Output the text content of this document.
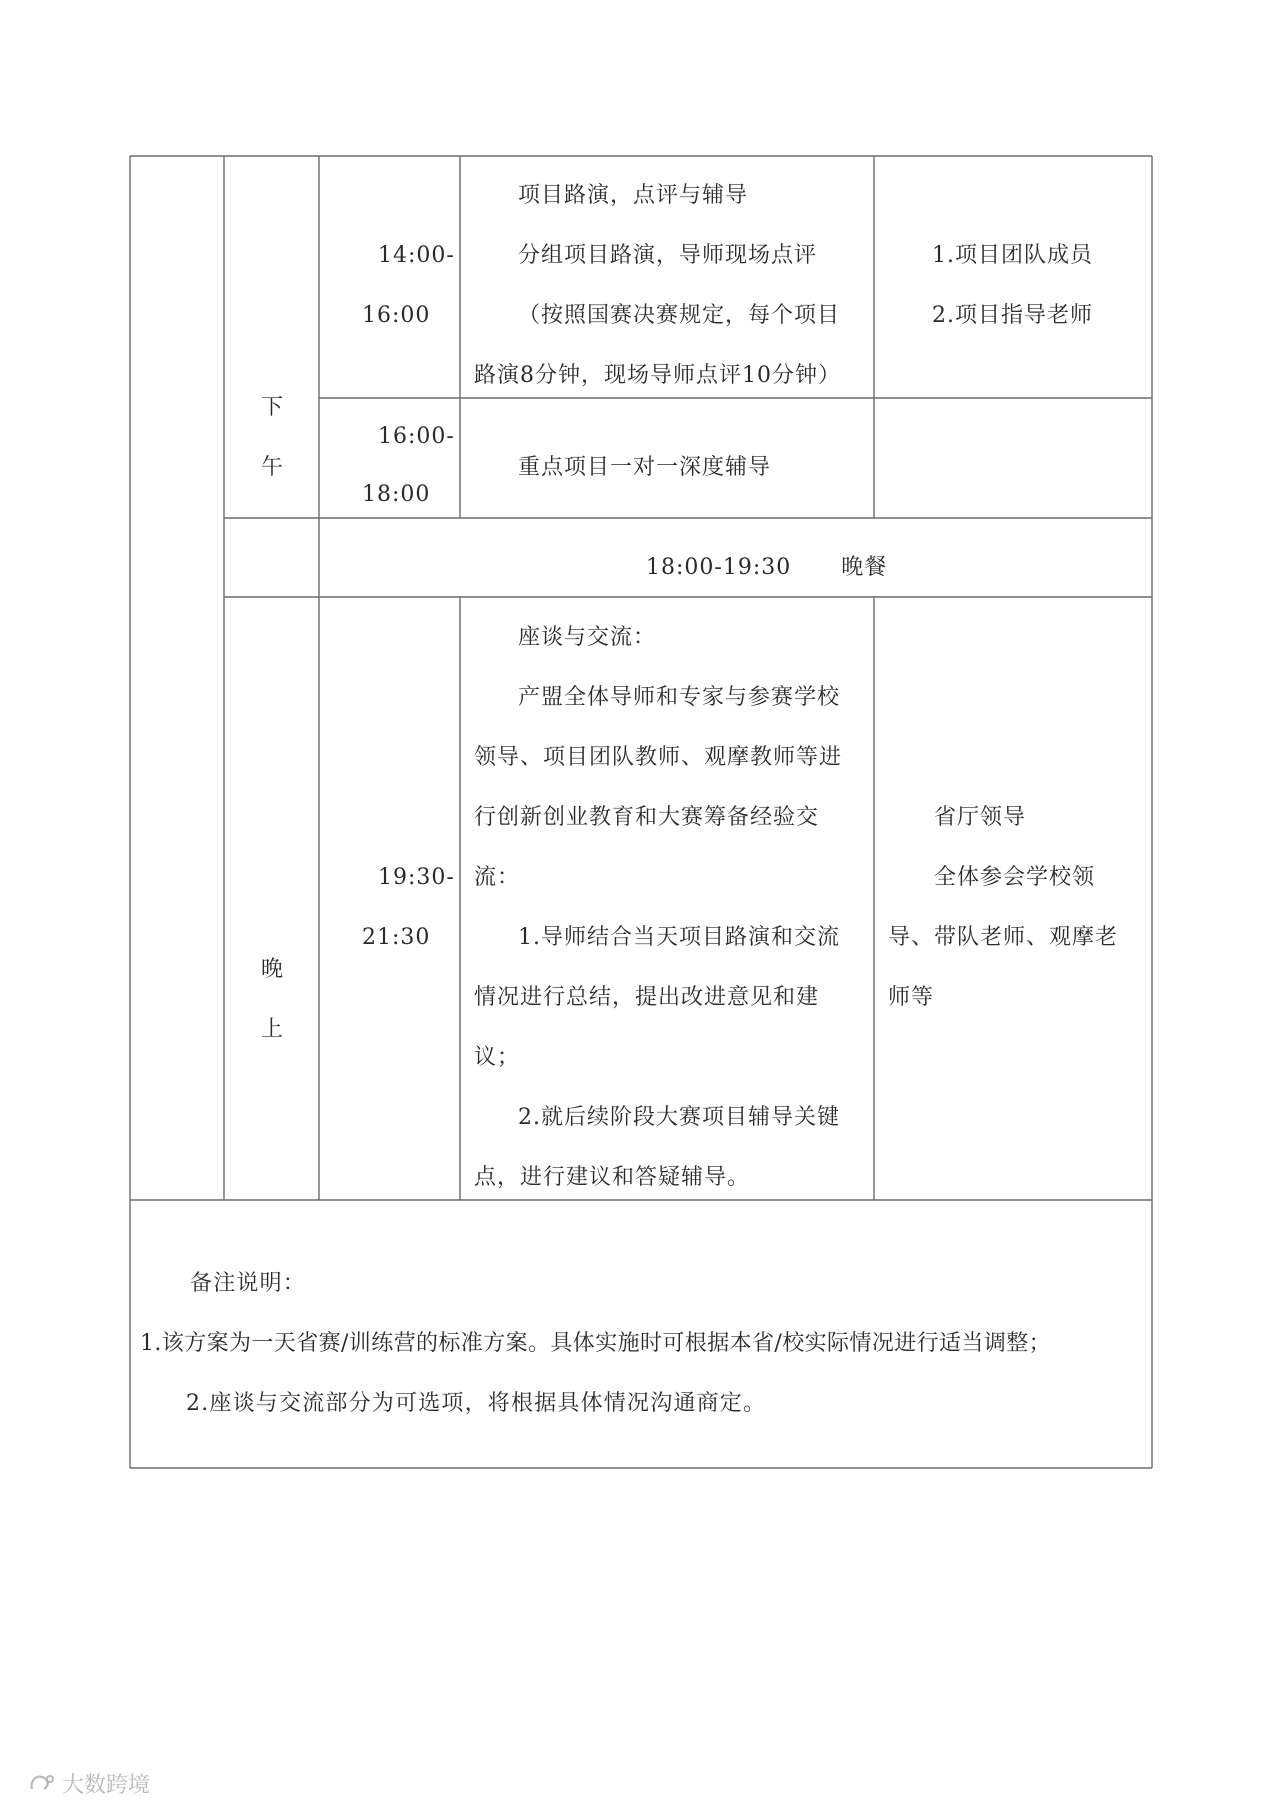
下

午

14:00-

16:00

项目路演，点评与辅导

分组项目路演，导师现场点评

（按照国赛决赛规定，每个项目

路演8分钟，现场导师点评10分钟）

1.项目团队成员

2.项目指导老师

16:00-

18:00

重点项目一对一深度辅导

18:00-19:30 晚餐

晚

上

19:30-

21:30

座谈与交流：

产盟全体导师和专家与参赛学校

领导、项目团队教师、观摩教师等进

行创新创业教育和大赛筹备经验交

流：

1.导师结合当天项目路演和交流

情况进行总结，提出改进意见和建

议；

2.就后续阶段大赛项目辅导关键

点，进行建议和答疑辅导。

省厅领导

全体参会学校领

导、带队老师、观摩老

师等

备注说明：

1.该方案为一天省赛/训练营的标准方案。具体实施时可根据本省/校实际情况进行适当调整；

2.座谈与交流部分为可选项，将根据具体情况沟通商定。

大数跨境
